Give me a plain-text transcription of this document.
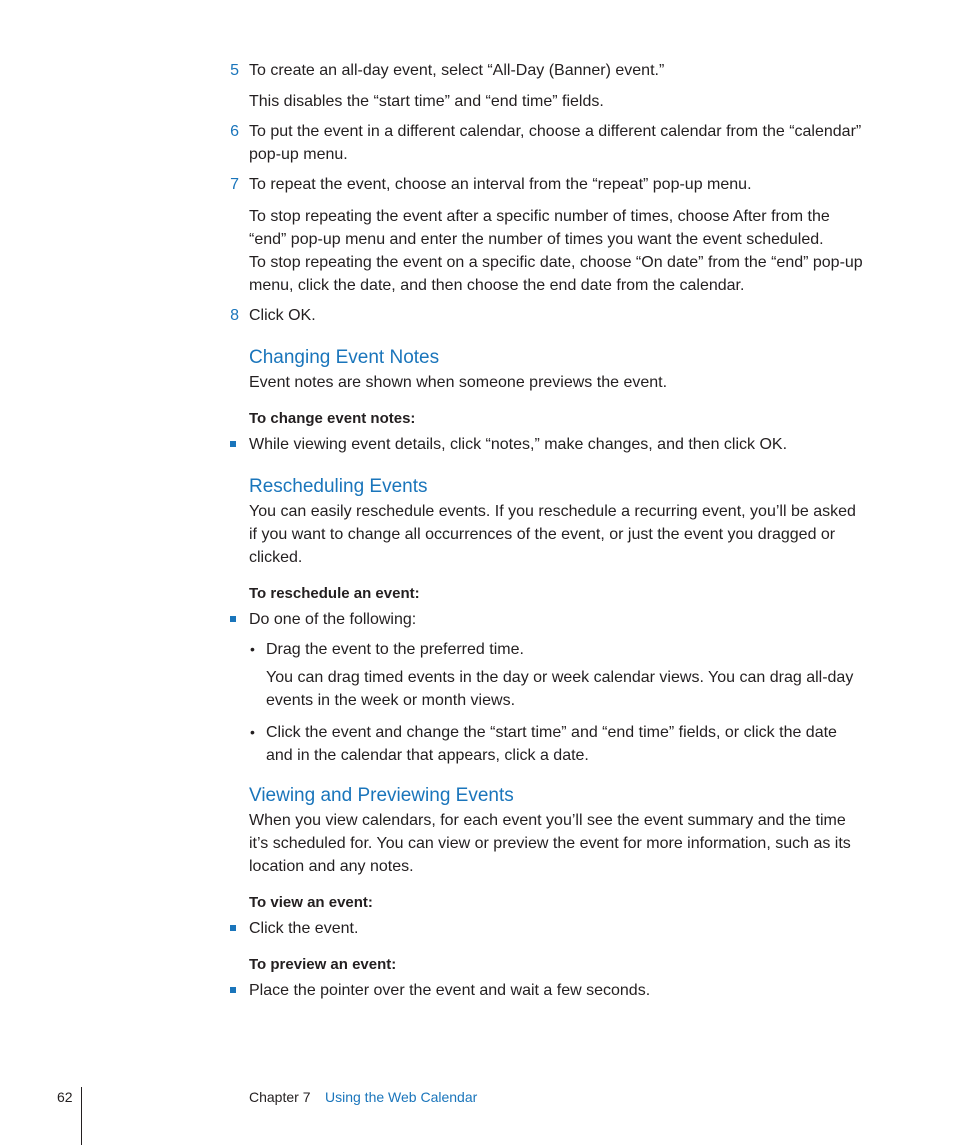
5 To create an all-day event, select “All-Day (Banner) event.”
This disables the “start time” and “end time” fields.
6 To put the event in a different calendar, choose a different calendar from the “calendar”
pop-up menu.
7 To repeat the event, choose an interval from the “repeat” pop-up menu.
To stop repeating the event after a specific number of times, choose After from the
“end” pop-up menu and enter the number of times you want the event scheduled.
To stop repeating the event on a specific date, choose “On date” from the “end” pop-up
menu, click the date, and then choose the end date from the calendar.
8 Click OK.
Changing Event Notes
Event notes are shown when someone previews the event.
To change event notes:
While viewing event details, click “notes,” make changes, and then click OK.
Rescheduling Events
You can easily reschedule events. If you reschedule a recurring event, you’ll be asked
if you want to change all occurrences of the event, or just the event you dragged or
clicked.
To reschedule an event:
Do one of the following:
• Drag the event to the preferred time.
You can drag timed events in the day or week calendar views. You can drag all-day
events in the week or month views.
• Click the event and change the “start time” and “end time” fields, or click the date
and in the calendar that appears, click a date.
Viewing and Previewing Events
When you view calendars, for each event you’ll see the event summary and the time
it’s scheduled for. You can view or preview the event for more information, such as its
location and any notes.
To view an event:
Click the event.
To preview an event:
Place the pointer over the event and wait a few seconds.
62	Chapter 7 Using the Web Calendar
